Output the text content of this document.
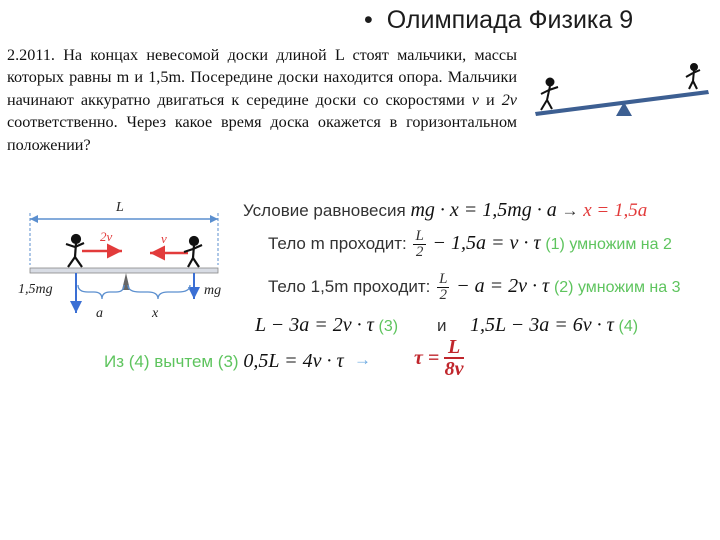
• Олимпиада Физика 9
2.2011. На концах невесомой доски длиной L стоят мальчики, массы которых равны m и 1,5m. Посередине доски находится опора. Мальчики начинают аккуратно двигаться к середине доски со скоростями v и 2v соответственно. Через какое время доска окажется в горизонтальном положении?
L
2v	v
1,5mg	mg
a	x
Условие равновесия mg · x = 1,5mg · a → x = 1,5a
Тело m проходит: $\frac{L}{2} - 1,5a = v \cdot \tau$ (1) умножим на 2
Тело 1,5m проходит: $\frac{L}{2} - a = 2v \cdot \tau$ (2) умножим на 3
L − 3a = 2v · τ (3) и 1,5L − 3a = 6v · τ (4)
Из (4) вычтем (3) $0,5L = 4v \cdot \tau \to \tau = \frac{L}{8v}$
